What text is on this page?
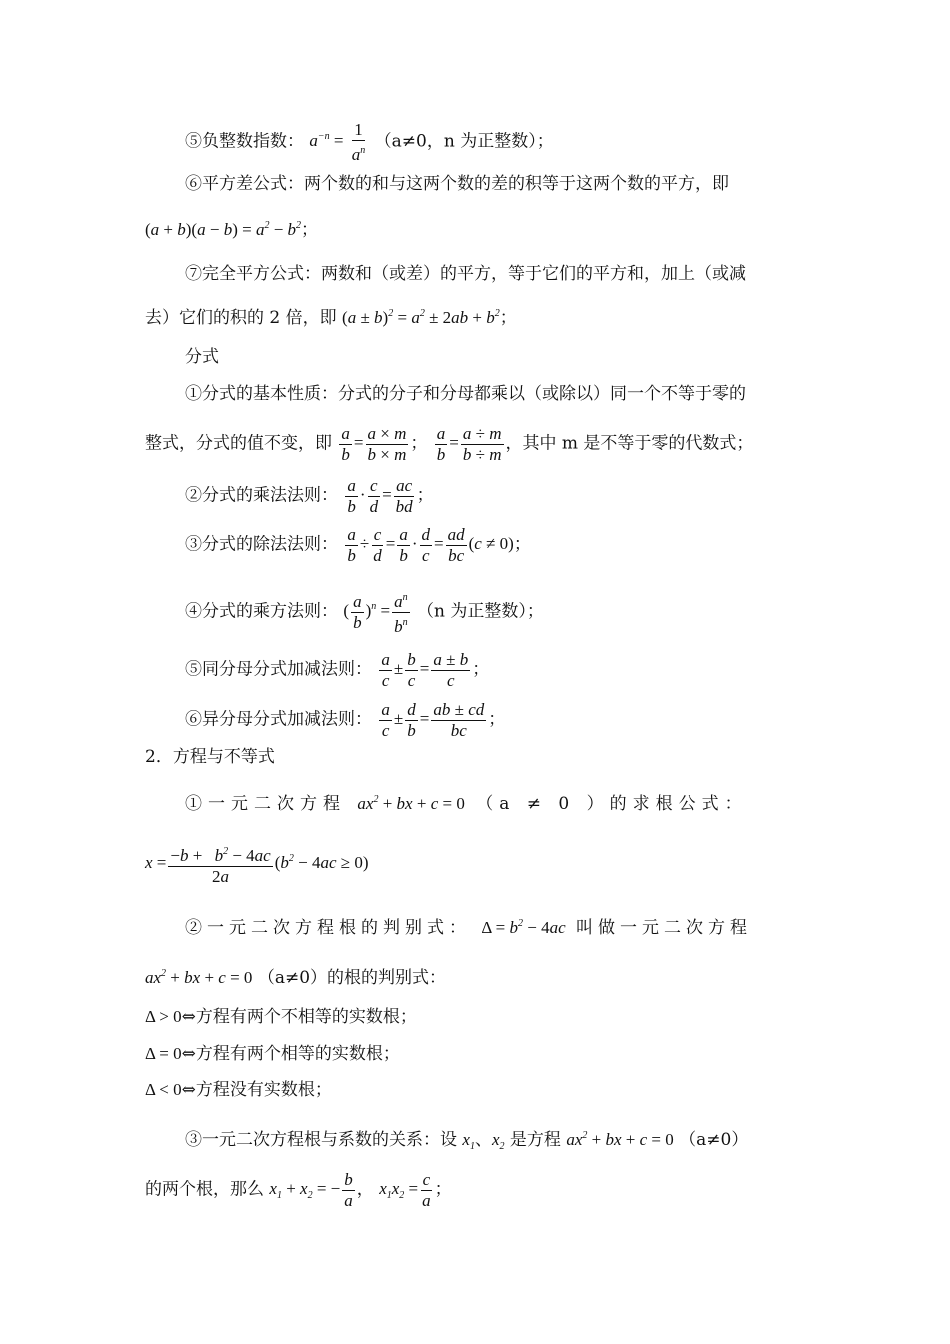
⑤负整数指数： $a^{-n} = \frac{1}{a^n} (a\ne 0$，n 为正整数）；
⑥平方差公式：两个数的和与这两个数的差的积等于这两个数的平方，即
$(a + b)(a - b) = a^2 - b^2$；
⑦完全平方公式：两数和（或差）的平方，等于它们的平方和，加上（或减
去）它们的积的 2 倍，即 $(a \pm b)^2 = a^2 \pm 2ab + b^2$；
分式
①分式的基本性质：分式的分子和分母都乘以（或除以）同一个不等于零的
整式，分式的值不变，即 $\frac{a}{b} = \frac{a \times m}{b \times m}$ ； $\frac{a}{b} = \frac{a \div m}{b \div m}$ ，其中 m 是不等于零的代数式；
②分式的乘法法则： $\frac{a}{b} \cdot \frac{c}{d} = \frac{ac}{bd}$ ；
③分式的除法法则： $\frac{a}{b} \div \frac{c}{d} = \frac{a}{b} \cdot \frac{d}{c} = \frac{ad}{bc} (c \ne 0)$；
④分式的乘方法则： ( $\frac{a}{b} )^n = \frac{a^n}{b^n} (n$ 为正整数）；
⑤同分母分式加减法则： $\frac{a}{c} \pm \frac{b}{c} = \frac{a \pm b}{c}$ ；
⑥异分母分式加减法则： $\frac{a}{c} \pm \frac{d}{b} = \frac{ab \pm cd}{bc}$ ；
2．方程与不等式
①一元二次方程 $ax^2$ + bx + c = 0 （a ≠ 0 ）的求根公式：
$x = \frac{-b + b^2 - 4ac}{2a} (b^2 - 4ac \ge 0)$
②一元二次方程根的判别式： $\Delta = b^2 - 4ac$ 叫做一元二次方程
$ax^2$ + bx + c = 0 （a≠0）的根的判别式：
Δ > 0⇔方程有两个不相等的实数根；
Δ = 0⇔方程有两个相等的实数根；
Δ < 0⇔方程没有实数根；
③一元二次方程根与系数的关系：设 $x_1$、$x_2$ 是方程 $ax^2$ + bx + c = 0 （a≠0）
的两个根，那么 $x_1 + x_2$ = − $\frac{b}{a}$ ， $x_1x_2 = \frac{c}{a}$ ；
